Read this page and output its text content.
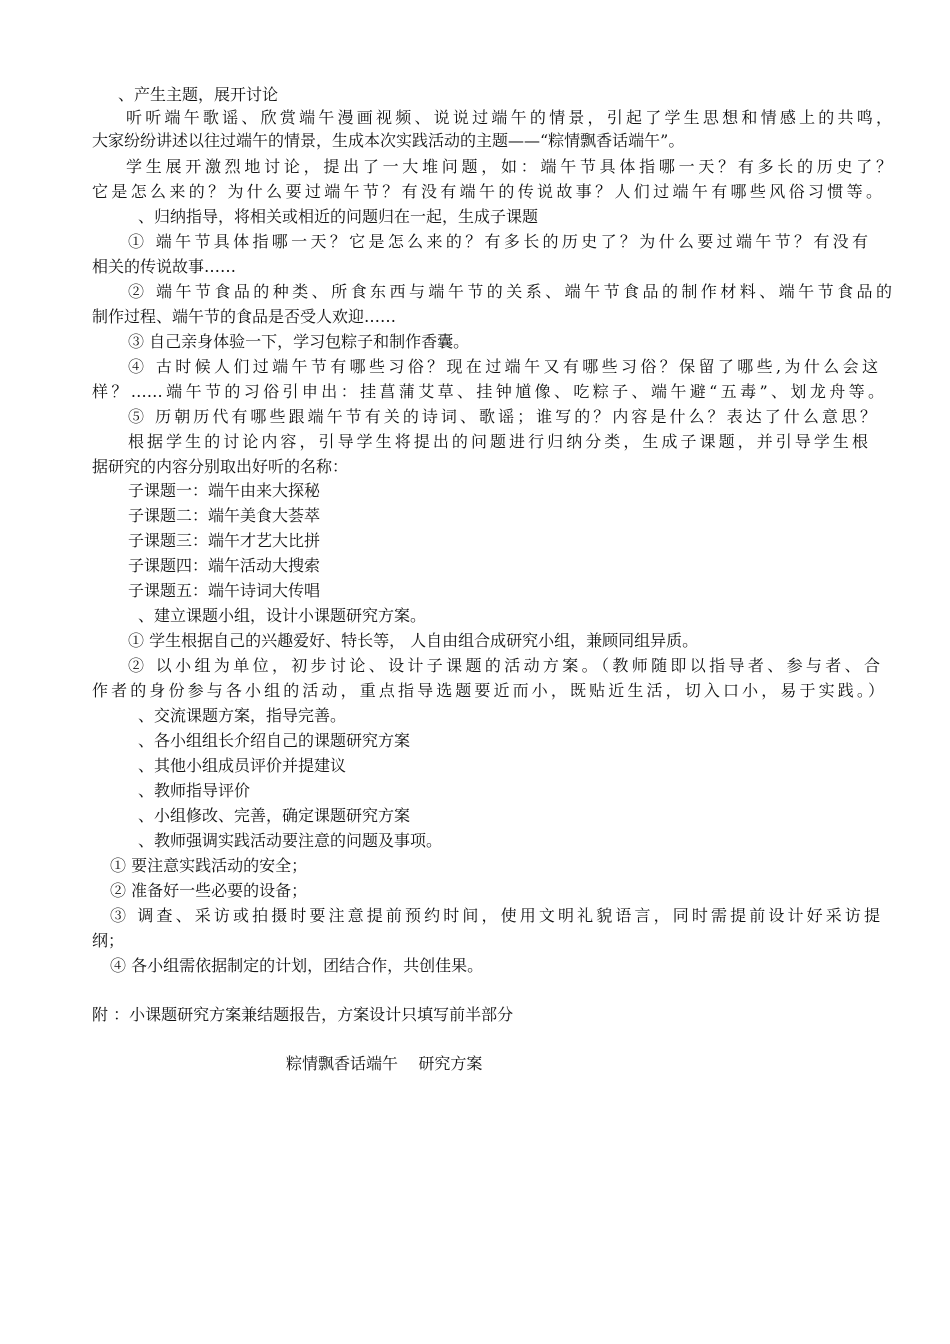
、产生主题，展开讨论
听听端午歌谣、欣赏端午漫画视频、说说过端午的情景，引起了学生思想和情感上的共鸣，
大家纷纷讲述以往过端午的情景，生成本次实践活动的主题——“粽情飘香话端午”。
学生展开激烈地讨论，提出了一大堆问题，如：端午节具体指哪一天？有多长的历史了？
它是怎么来的？为什么要过端午节？有没有端午的传说故事？人们过端午有哪些风俗习惯等。
、归纳指导，将相关或相近的问题归在一起，生成子课题
① 端午节具体指哪一天？它是怎么来的？有多长的历史了？为什么要过端午节？有没有
相关的传说故事……
② 端午节食品的种类、所食东西与端午节的关系、端午节食品的制作材料、端午节食品的
制作过程、端午节的食品是否受人欢迎……
③ 自己亲身体验一下，学习包粽子和制作香囊。
④ 古时候人们过端午节有哪些习俗？现在过端午又有哪些习俗？保留了哪些,为什么会这
样？……端午节的习俗引申出：挂菖蒲艾草、挂钟馗像、吃粽子、端午避“五毒”、划龙舟等。
⑤ 历朝历代有哪些跟端午节有关的诗词、歌谣；谁写的？内容是什么？表达了什么意思？
根据学生的讨论内容，引导学生将提出的问题进行归纳分类，生成子课题，并引导学生根
据研究的内容分别取出好听的名称：
子课题一：端午由来大探秘
子课题二：端午美食大荟萃
子课题三：端午才艺大比拼
子课题四：端午活动大搜索
子课题五：端午诗词大传唱
、建立课题小组，设计小课题研究方案。
① 学生根据自己的兴趣爱好、特长等， 人自由组合成研究小组，兼顾同组异质。
② 以小组为单位，初步讨论、设计子课题的活动方案。（教师随即以指导者、参与者、合
作者的身份参与各小组的活动，重点指导选题要近而小，既贴近生活，切入口小，易于实践。）
、交流课题方案，指导完善。
、各小组组长介绍自己的课题研究方案
、其他小组成员评价并提建议
、教师指导评价
、小组修改、完善，确定课题研究方案
、教师强调实践活动要注意的问题及事项。
① 要注意实践活动的安全；
② 准备好一些必要的设备；
③ 调查、采访或拍摄时要注意提前预约时间，使用文明礼貌语言，同时需提前设计好采访提
纲；
④ 各小组需依据制定的计划，团结合作，共创佳果。
附 ：小课题研究方案兼结题报告，方案设计只填写前半部分
粽情飘香话端午    研究方案
